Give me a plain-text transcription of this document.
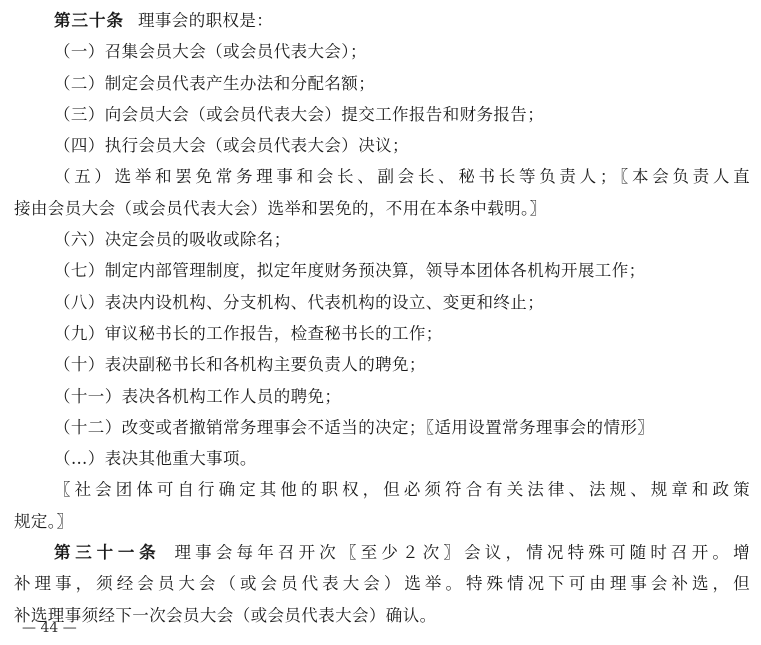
第三十条 理事会的职权是：
（一）召集会员大会（或会员代表大会）；
（二）制定会员代表产生办法和分配名额；
（三）向会员大会（或会员代表大会）提交工作报告和财务报告；
（四）执行会员大会（或会员代表大会）决议；
（五）选举和罢免常务理事和会长、副会长、秘书长等负责人；〖本会负责人直
接由会员大会（或会员代表大会）选举和罢免的，不用在本条中载明。〗
（六）决定会员的吸收或除名；
（七）制定内部管理制度，拟定年度财务预决算，领导本团体各机构开展工作；
（八）表决内设机构、分支机构、代表机构的设立、变更和终止；
（九）审议秘书长的工作报告，检查秘书长的工作；
（十）表决副秘书长和各机构主要负责人的聘免；
（十一）表决各机构工作人员的聘免；
（十二）改变或者撤销常务理事会不适当的决定；〖适用设置常务理事会的情形〗
（…）表决其他重大事项。
〖社会团体可自行确定其他的职权，但必须符合有关法律、法规、规章和政策
规定。〗
第三十一条 理事会每年召开次〖至少２次〗会议，情况特殊可随时召开。增
补理事，须经会员大会（或会员代表大会）选举。特殊情况下可由理事会补选，但
补选理事须经下一次会员大会（或会员代表大会）确认。
— 44 —
